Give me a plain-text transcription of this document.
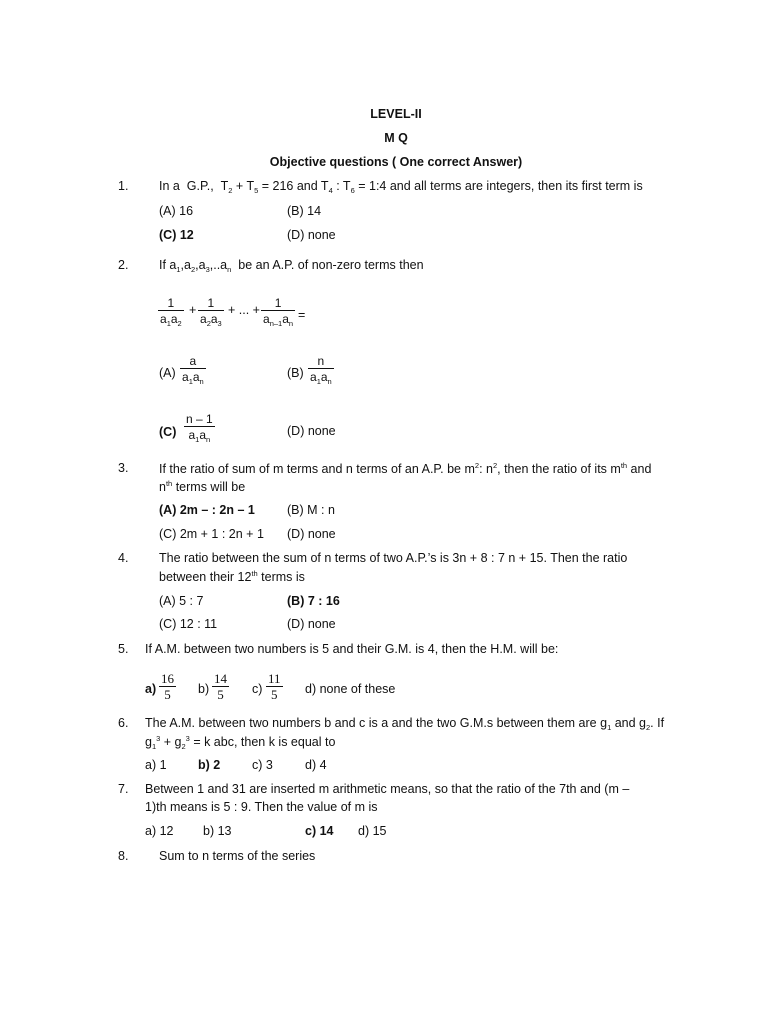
LEVEL-II
M Q
Objective questions ( One correct Answer)
1. In a  G.P.,  $T_2 + T_5 = 216$ and $T_4$ : $T_6$ = 1:4 and all terms are integers, then its first term is
(A) 16	(B) 14
(C) 12	(D) none
2. If $a_1,a_2,a_3,..a_n$  be an A.P. of non-zero terms then
$\frac{1}{a_1a_2} + \frac{1}{a_2a_3}$ + ... + $\frac{1}{a_{n-1}a_n}$ =
$(A) \frac{a}{a_1a_n}$	$(B) \frac{n}{a_1a_n}$
$(C) \frac{n - 1}{a_1a_n}$	(D) none
3. If the ratio of sum of m terms and n terms of an A.P. be $m^2$: $n^2$, then the ratio of its $m^{th}$ and
$n^{th}$ terms will be
(A) 2m – : 2n – 1	(B) M : n
(C) 2m + 1 : 2n + 1 (D) none
4. The ratio between the sum of n terms of two A.P.’s is 3n + 8 : 7 n + 15. Then the ratio
between their 12th terms is
(A) 5 : 7	(B) 7 : 16
(C) 12 : 11	(D) none
5. If A.M. between two numbers is 5 and their G.M. is 4, then the H.M. will be:
$a) \frac{16}{5} b) \frac{14}{5} c) \frac{11}{5} d$) none of these
6. The A.M. between two numbers b and c is a and the two G.M.s between them are $g_1$ and $g_2$. If
$g_1^3 + g_2^3 = k$ abc, then k is equal to
a) 1	b) 2	c) 3	d) 4
7. Between 1 and 31 are inserted m arithmetic means, so that the ratio of the 7th and (m –
1)th means is 5 : 9. Then the value of m is
a) 12 b) 13	c) 14 d) 15
8. Sum to n terms of the series
